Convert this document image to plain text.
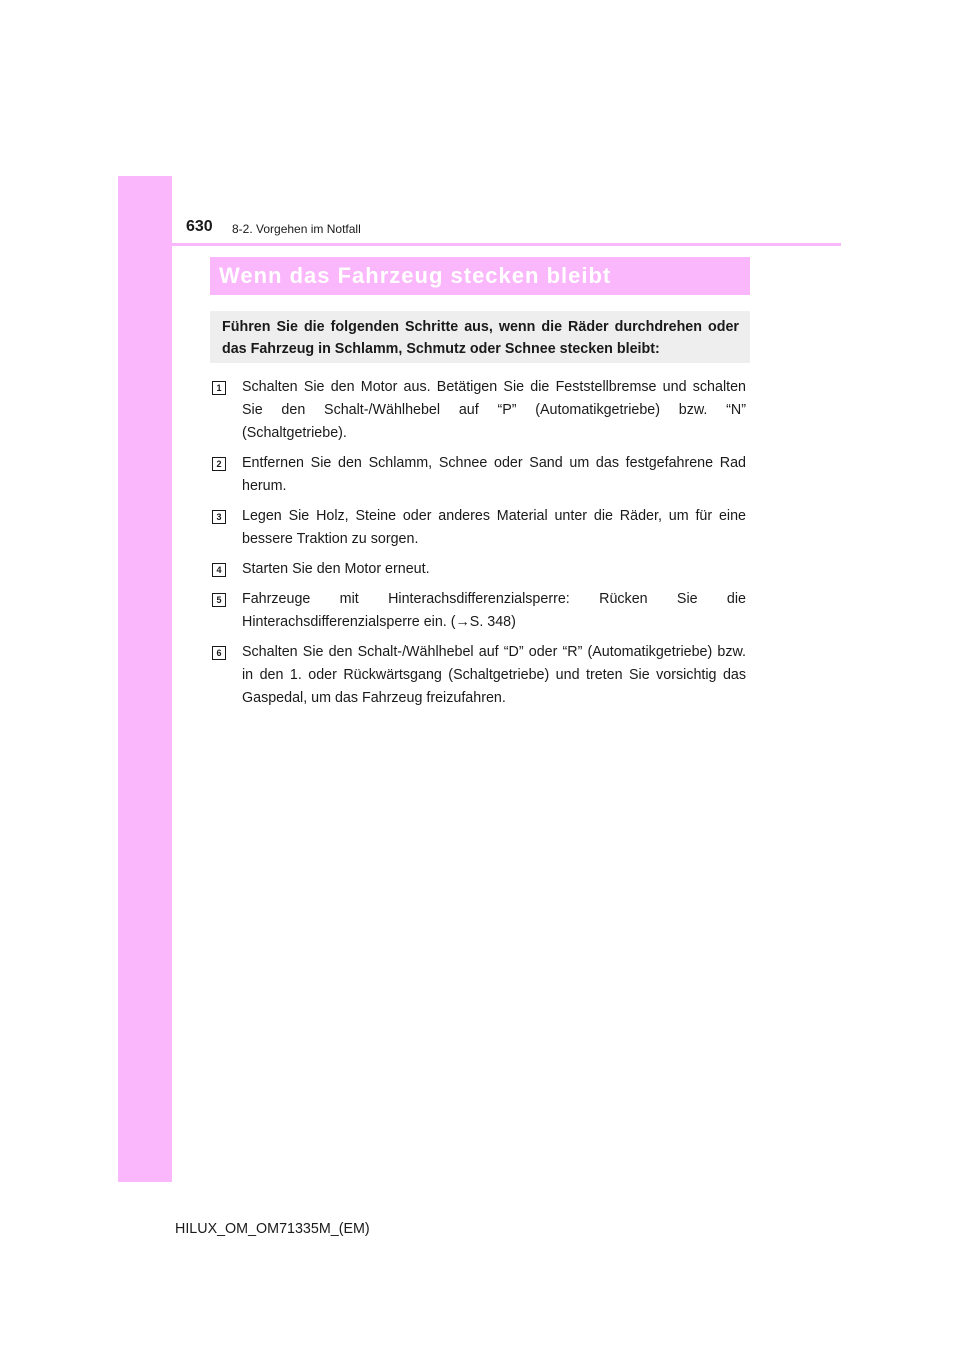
630 8-2. Vorgehen im Notfall
Wenn das Fahrzeug stecken bleibt
Führen Sie die folgenden Schritte aus, wenn die Räder durchdrehen oder das Fahrzeug in Schlamm, Schmutz oder Schnee stecken bleibt:
1	Schalten Sie den Motor aus. Betätigen Sie die Feststellbremse und schalten Sie den Schalt-/Wählhebel auf “P” (Automatikgetriebe) bzw. “N” (Schaltgetriebe).
2	Entfernen Sie den Schlamm, Schnee oder Sand um das festgefahrene Rad herum.
3	Legen Sie Holz, Steine oder anderes Material unter die Räder, um für eine bessere Traktion zu sorgen.
4	Starten Sie den Motor erneut.
5	Fahrzeuge mit Hinterachsdifferenzialsperre: Rücken Sie die Hinterachsdifferenzialsperre ein. (→S. 348)
6	Schalten Sie den Schalt-/Wählhebel auf “D” oder “R” (Automatikgetriebe) bzw. in den 1. oder Rückwärtsgang (Schaltgetriebe) und treten Sie vorsichtig das Gaspedal, um das Fahrzeug freizufahren.
HILUX_OM_OM71335M_(EM)
